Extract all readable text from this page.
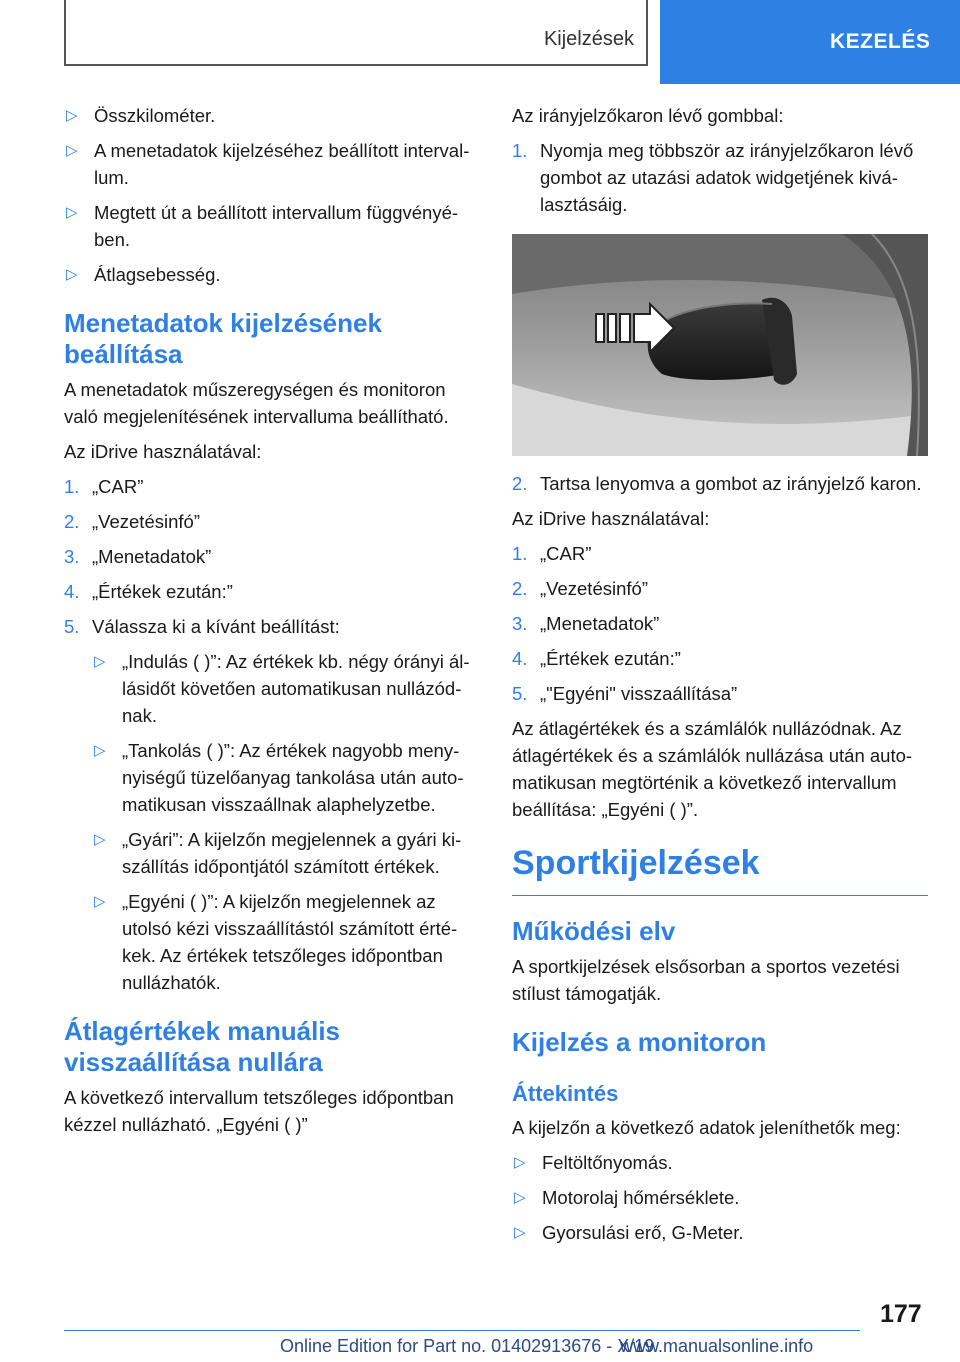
Kijelzések	KEZELÉS
▷ Összkilométer.
▷ A menetadatok kijelzéséhez beállított intervallum.
▷ Megtett út a beállított intervallum függvényében.
▷ Átlagsebesség.
Menetadatok kijelzésének beállítása

A menetadatok műszeregységen és monitoron való megjelenítésének intervalluma beállítható.

Az iDrive használatával:

1. „CAR”
2. „Vezetésinfó”
3. „Menetadatok”
4. „Értékek ezután:”
5. Válassza ki a kívánt beállítást:
▷ „Indulás ( )”: Az értékek kb. négy órányi állásidőt követően automatikusan nullázódnak.
▷ „Tankolás ( )”: Az értékek nagyobb menynyiségű tüzelőanyag tankolása után automatikusan visszaállnak alaphelyzetbe.
▷ „Gyári”: A kijelzőn megjelennek a gyári kiszállítás időpontjától számított értékek.
▷ „Egyéni ( )”: A kijelzőn megjelennek az utolsó kézi visszaállítástól számított értékek. Az értékek tetszőleges időpontban nullázhatók.
Átlagértékek manuális visszaállítása nullára

A következő intervallum tetszőleges időpontban kézzel nullázható. „Egyéni ( )”

Az irányjelzőkaron lévő gombbal:

1. Nyomja meg többször az irányjelzőkaron lévő gombot az utazási adatok widgetjének kiválasztásáig.
2. Tartsa lenyomva a gombot az irányjelző karon.

Az iDrive használatával:

1. „CAR”
2. „Vezetésinfó”
3. „Menetadatok”
4. „Értékek ezután:”
5. „"Egyéni" visszaállítása”

Az átlagértékek és a számlálók nullázódnak. Az átlagértékek és a számlálók nullázása után automatikusan megtörténik a következő intervallum beállítása: „Egyéni ( )”.

Sportkijelzések
Működési elv

A sportkijelzések elsősorban a sportos vezetési stílust támogatják.

Kijelzés a monitoron
Áttekintés

A kijelzőn a következő adatok jeleníthetők meg:

▷ Feltöltőnyomás.
▷ Motorolaj hőmérséklete.
▷ Gyorsulási erő, G-Meter.
177
Online Edition for Part no. 01402913676 - X/19
www.manualsonline.info
